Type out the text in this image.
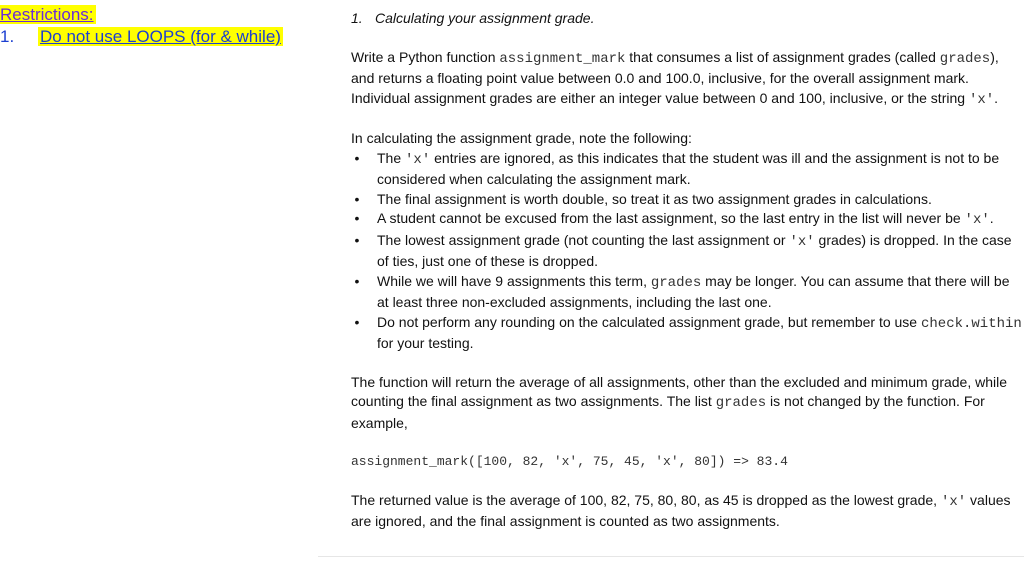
Restrictions:
1. Do not use LOOPS (for & while)

1. Calculating your assignment grade.

Write a Python function assignment_mark that consumes a list of assignment grades (called grades), and returns a floating point value between 0.0 and 100.0, inclusive, for the overall assignment mark. Individual assignment grades are either an integer value between 0 and 100, inclusive, or the string 'x'.

In calculating the assignment grade, note the following:

• The 'x' entries are ignored, as this indicates that the student was ill and the assignment is not to be considered when calculating the assignment mark.
• The final assignment is worth double, so treat it as two assignment grades in calculations.
• A student cannot be excused from the last assignment, so the last entry in the list will never be 'x'.
• The lowest assignment grade (not counting the last assignment or 'x' grades) is dropped. In the case of ties, just one of these is dropped.
• While we will have 9 assignments this term, grades may be longer. You can assume that there will be at least three non-excluded assignments, including the last one.
• Do not perform any rounding on the calculated assignment grade, but remember to use check.within for your testing.

The function will return the average of all assignments, other than the excluded and minimum grade, while counting the final assignment as two assignments. The list grades is not changed by the function. For example,

assignment_mark([100, 82, 'x', 75, 45, 'x', 80]) => 83.4

The returned value is the average of 100, 82, 75, 80, 80, as 45 is dropped as the lowest grade, 'x' values are ignored, and the final assignment is counted as two assignments.
